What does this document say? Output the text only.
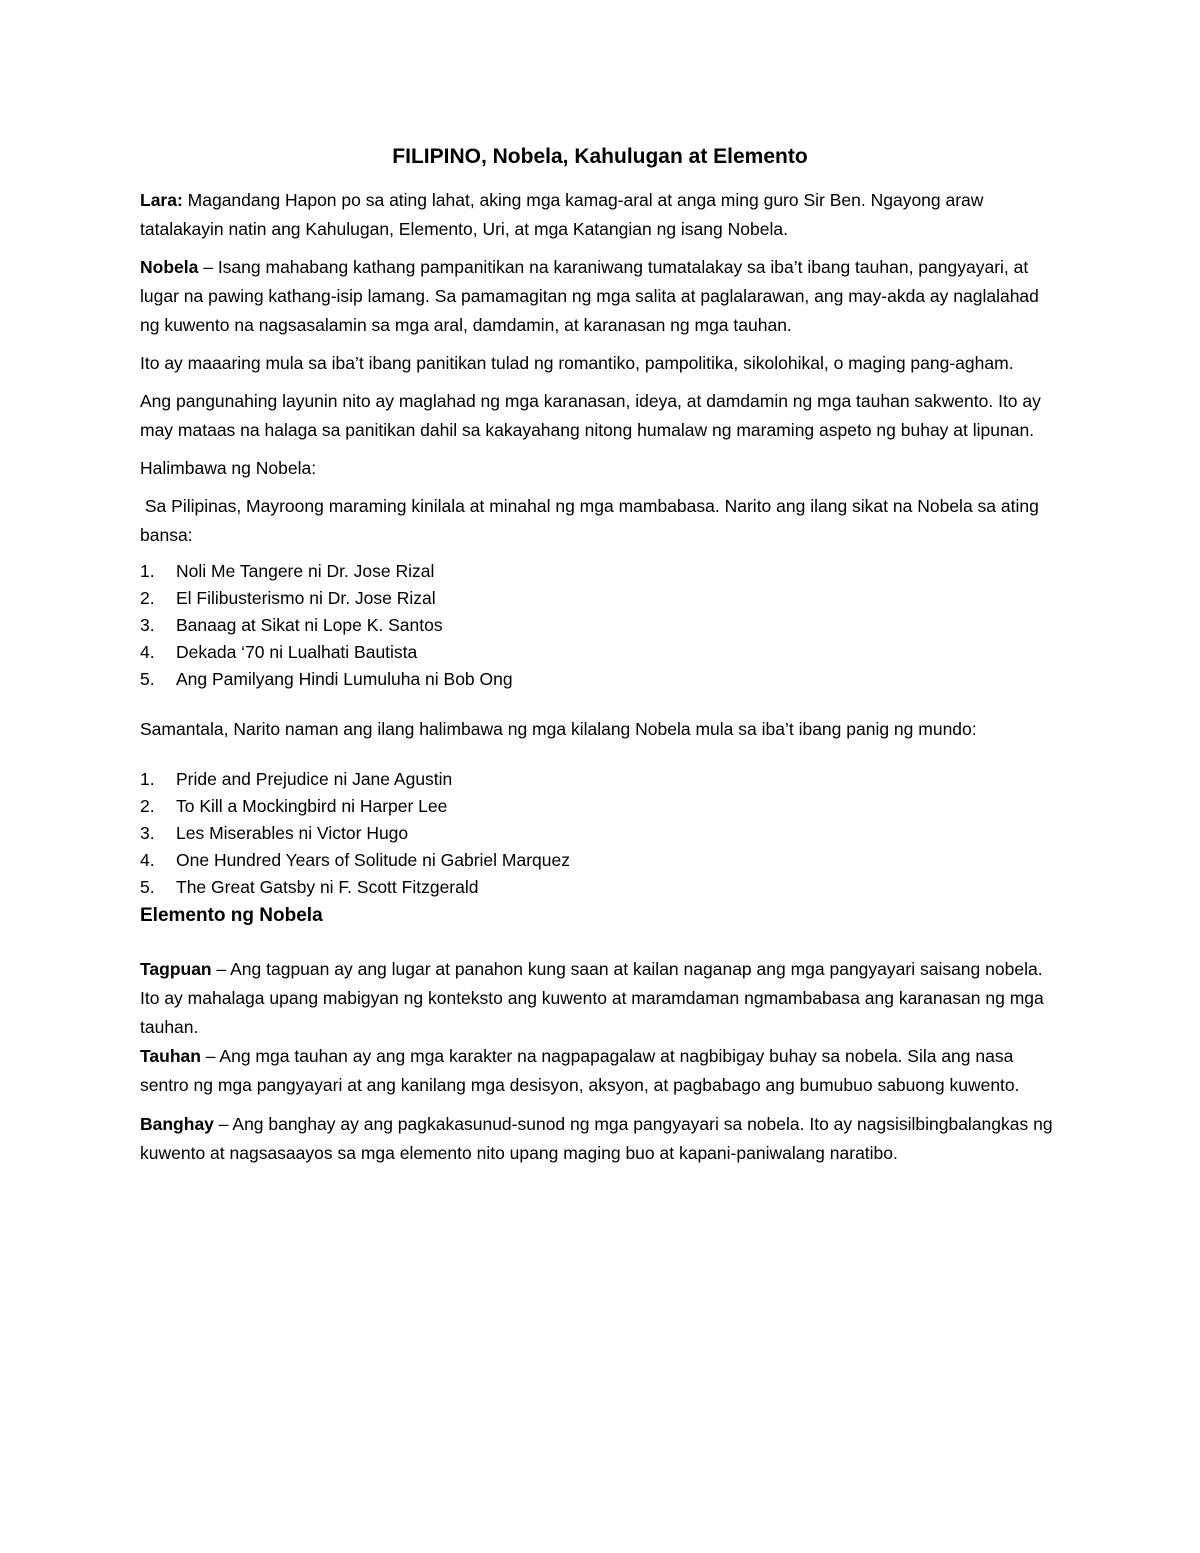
FILIPINO, Nobela, Kahulugan at Elemento

Lara: Magandang Hapon po sa ating lahat, aking mga kamag-aral at anga ming guro Sir Ben. Ngayong araw tatalakayin natin ang Kahulugan, Elemento, Uri, at mga Katangian ng isang Nobela.

Nobela – Isang mahabang kathang pampanitikan na karaniwang tumatalakay sa iba’t ibang tauhan, pangyayari, at lugar na pawing kathang-isip lamang. Sa pamamagitan ng mga salita at paglalarawan, ang may-akda ay naglalahad ng kuwento na nagsasalamin sa mga aral, damdamin, at karanasan ng mga tauhan.

Ito ay maaaring mula sa iba’t ibang panitikan tulad ng romantiko, pampolitika, sikolohikal, o maging pang-agham.

Ang pangunahing layunin nito ay maglahad ng mga karanasan, ideya, at damdamin ng mga tauhan sakwento. Ito ay may mataas na halaga sa panitikan dahil sa kakayahang nitong humalaw ng maraming aspeto ng buhay at lipunan.

Halimbawa ng Nobela:

Sa Pilipinas, Mayroong maraming kinilala at minahal ng mga mambabasa. Narito ang ilang sikat na Nobela sa ating bansa:

1.	Noli Me Tangere ni Dr. Jose Rizal
2.	El Filibusterismo ni Dr. Jose Rizal
3.	Banaag at Sikat ni Lope K. Santos
4.	Dekada ‘70 ni Lualhati Bautista
5.	Ang Pamilyang Hindi Lumuluha ni Bob Ong

Samantala, Narito naman ang ilang halimbawa ng mga kilalang Nobela mula sa iba’t ibang panig ng mundo:

1.	Pride and Prejudice ni Jane Agustin
2.	To Kill a Mockingbird ni Harper Lee
3.	Les Miserables ni Victor Hugo
4.	One Hundred Years of Solitude ni Gabriel Marquez
5.	The Great Gatsby ni F. Scott Fitzgerald
Elemento ng Nobela

Tagpuan – Ang tagpuan ay ang lugar at panahon kung saan at kailan naganap ang mga pangyayari saisang nobela. Ito ay mahalaga upang mabigyan ng konteksto ang kuwento at maramdaman ngmambabasa ang karanasan ng mga tauhan.

Tauhan – Ang mga tauhan ay ang mga karakter na nagpapagalaw at nagbibigay buhay sa nobela. Sila ang nasa sentro ng mga pangyayari at ang kanilang mga desisyon, aksyon, at pagbabago ang bumubuo sabuong kuwento.

Banghay – Ang banghay ay ang pagkakasunud-sunod ng mga pangyayari sa nobela. Ito ay nagsisilbingbalangkas ng kuwento at nagsasaayos sa mga elemento nito upang maging buo at kapani-paniwalang naratibo.
